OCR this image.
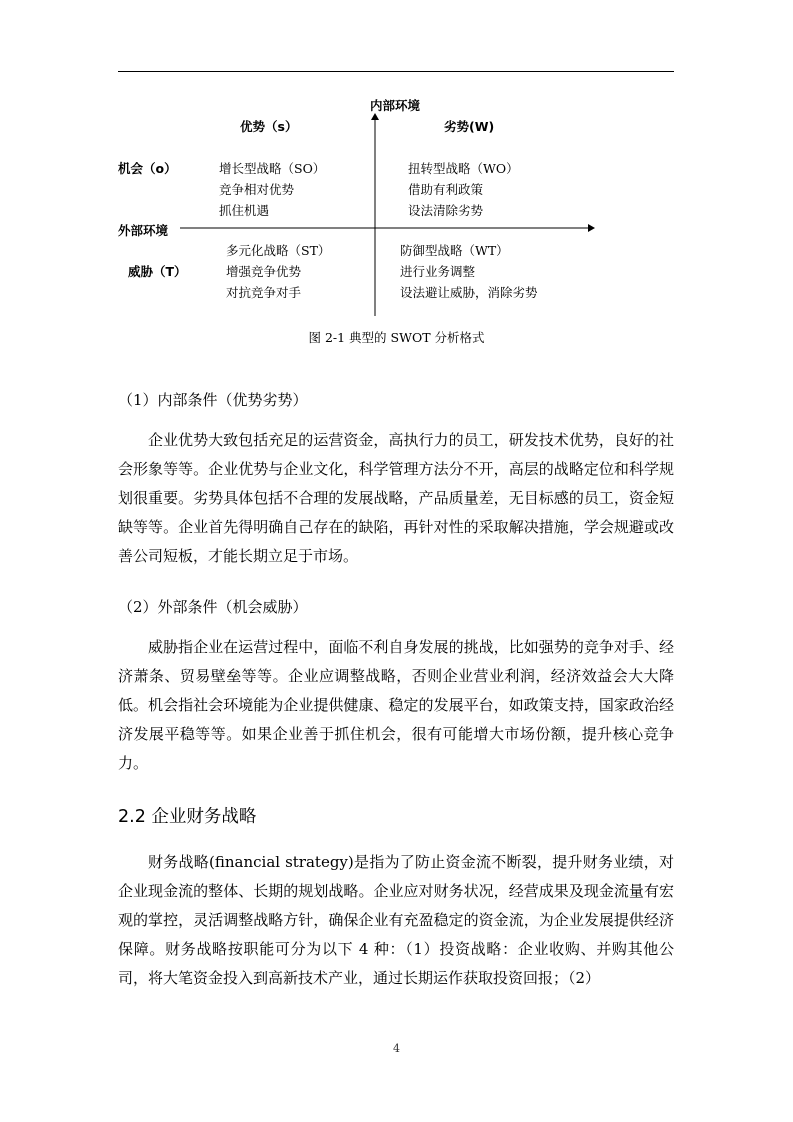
内部环境
优势（s）	劣势(W)
机会（o）
外部环境
威胁（T）
增长型战略（SO）
竞争相对优势
抓住机遇
扭转型战略（WO）
借助有利政策
设法清除劣势
多元化战略（ST）
增强竞争优势
对抗竞争对手
防御型战略（WT）
进行业务调整
设法避让威胁，消除劣势
图 2-1 典型的 SWOT 分析格式
（1）内部条件（优势劣势）
企业优势大致包括充足的运营资金，高执行力的员工，研发技术优势，良好的社会形象等等。企业优势与企业文化，科学管理方法分不开，高层的战略定位和科学规划很重要。劣势具体包括不合理的发展战略，产品质量差，无目标感的员工，资金短缺等等。企业首先得明确自己存在的缺陷，再针对性的采取解决措施，学会规避或改善公司短板，才能长期立足于市场。
（2）外部条件（机会威胁）
威胁指企业在运营过程中，面临不利自身发展的挑战，比如强势的竞争对手、经济萧条、贸易壁垒等等。企业应调整战略，否则企业营业利润，经济效益会大大降低。机会指社会环境能为企业提供健康、稳定的发展平台，如政策支持，国家政治经济发展平稳等等。如果企业善于抓住机会，很有可能增大市场份额，提升核心竞争力。
2.2 企业财务战略
财务战略(financial strategy)是指为了防止资金流不断裂，提升财务业绩，对企业现金流的整体、长期的规划战略。企业应对财务状况，经营成果及现金流量有宏观的掌控，灵活调整战略方针，确保企业有充盈稳定的资金流，为企业发展提供经济保障。财务战略按职能可分为以下 4 种：（1）投资战略：企业收购、并购其他公司，将大笔资金投入到高新技术产业，通过长期运作获取投资回报；（2）
4
